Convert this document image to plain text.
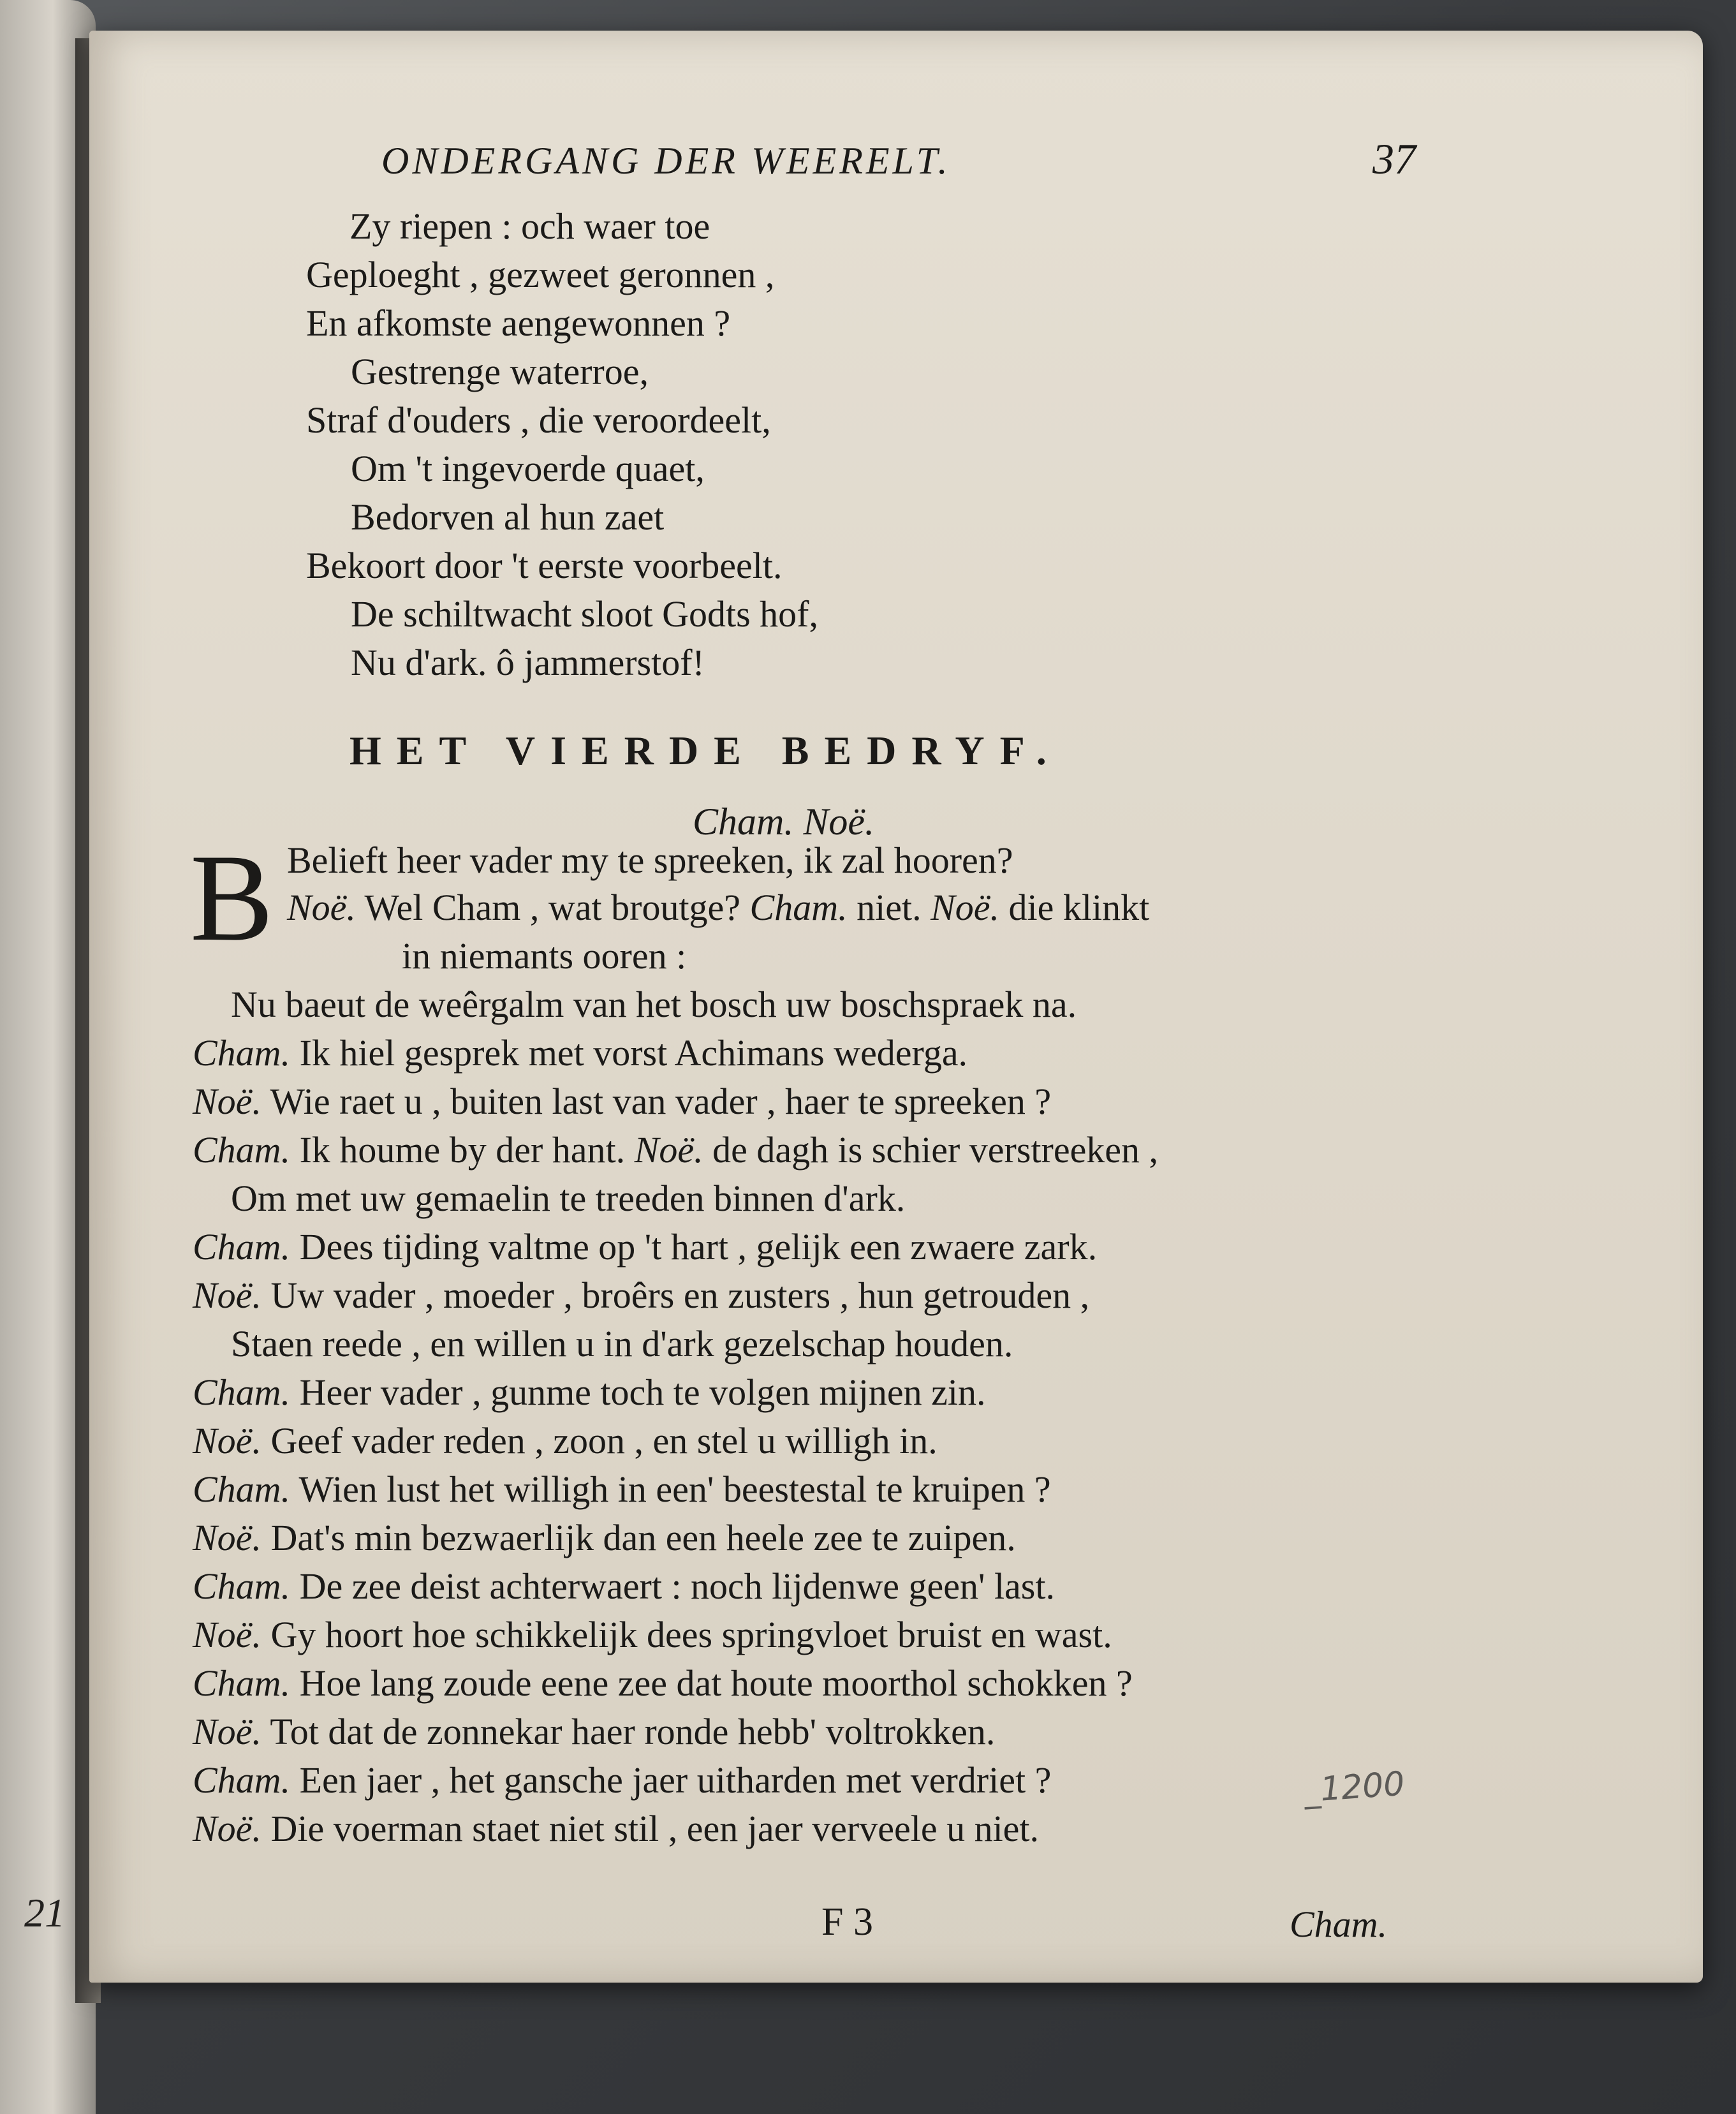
21
ONDERGANG DER WEERELT.	37
Zy riepen : och waer toe
Geploeght , gezweet geronnen ,
En afkomste aengewonnen ?
Gestrenge waterroe,
Straf d'ouders , die veroordeelt,
Om 't ingevoerde quaet,
Bedorven al hun zaet
Bekoort door 't eerste voorbeelt.
De schiltwacht sloot Godts hof,
Nu d'ark. ô jammerstof!
HET VIERDE BEDRYF.
Cham. Noë.
B Belieft heer vader my te spreeken, ik zal hooren?
Noë. Wel Cham , wat broutge? Cham. niet. Noë. die klinkt
in niemants ooren :
Nu baeut de weêrgalm van het bosch uw boschspraek na.
Cham. Ik hiel gesprek met vorst Achimans wederga.
Noë. Wie raet u , buiten last van vader , haer te spreeken ?
Cham. Ik houme by der hant. Noë. de dagh is schier verstreeken ,
Om met uw gemaelin te treeden binnen d'ark.
Cham. Dees tijding valtme op 't hart , gelijk een zwaere zark.
Noë. Uw vader , moeder , broêrs en zusters , hun getrouden ,
Staen reede , en willen u in d'ark gezelschap houden.
Cham. Heer vader , gunme toch te volgen mijnen zin.
Noë. Geef vader reden , zoon , en stel u willigh in.
Cham. Wien lust het willigh in een' beestestal te kruipen ?
Noë. Dat's min bezwaerlijk dan een heele zee te zuipen.
Cham. De zee deist achterwaert : noch lijdenwe geen' last.
Noë. Gy hoort hoe schikkelijk dees springvloet bruist en wast.
Cham. Hoe lang zoude eene zee dat houte moorthol schokken ?
Noë. Tot dat de zonnekar haer ronde hebb' voltrokken.
Cham. Een jaer , het gansche jaer uitharden met verdriet ?
Noë. Die voerman staet niet stil , een jaer verveele u niet.
_1200
F 3	Cham.
